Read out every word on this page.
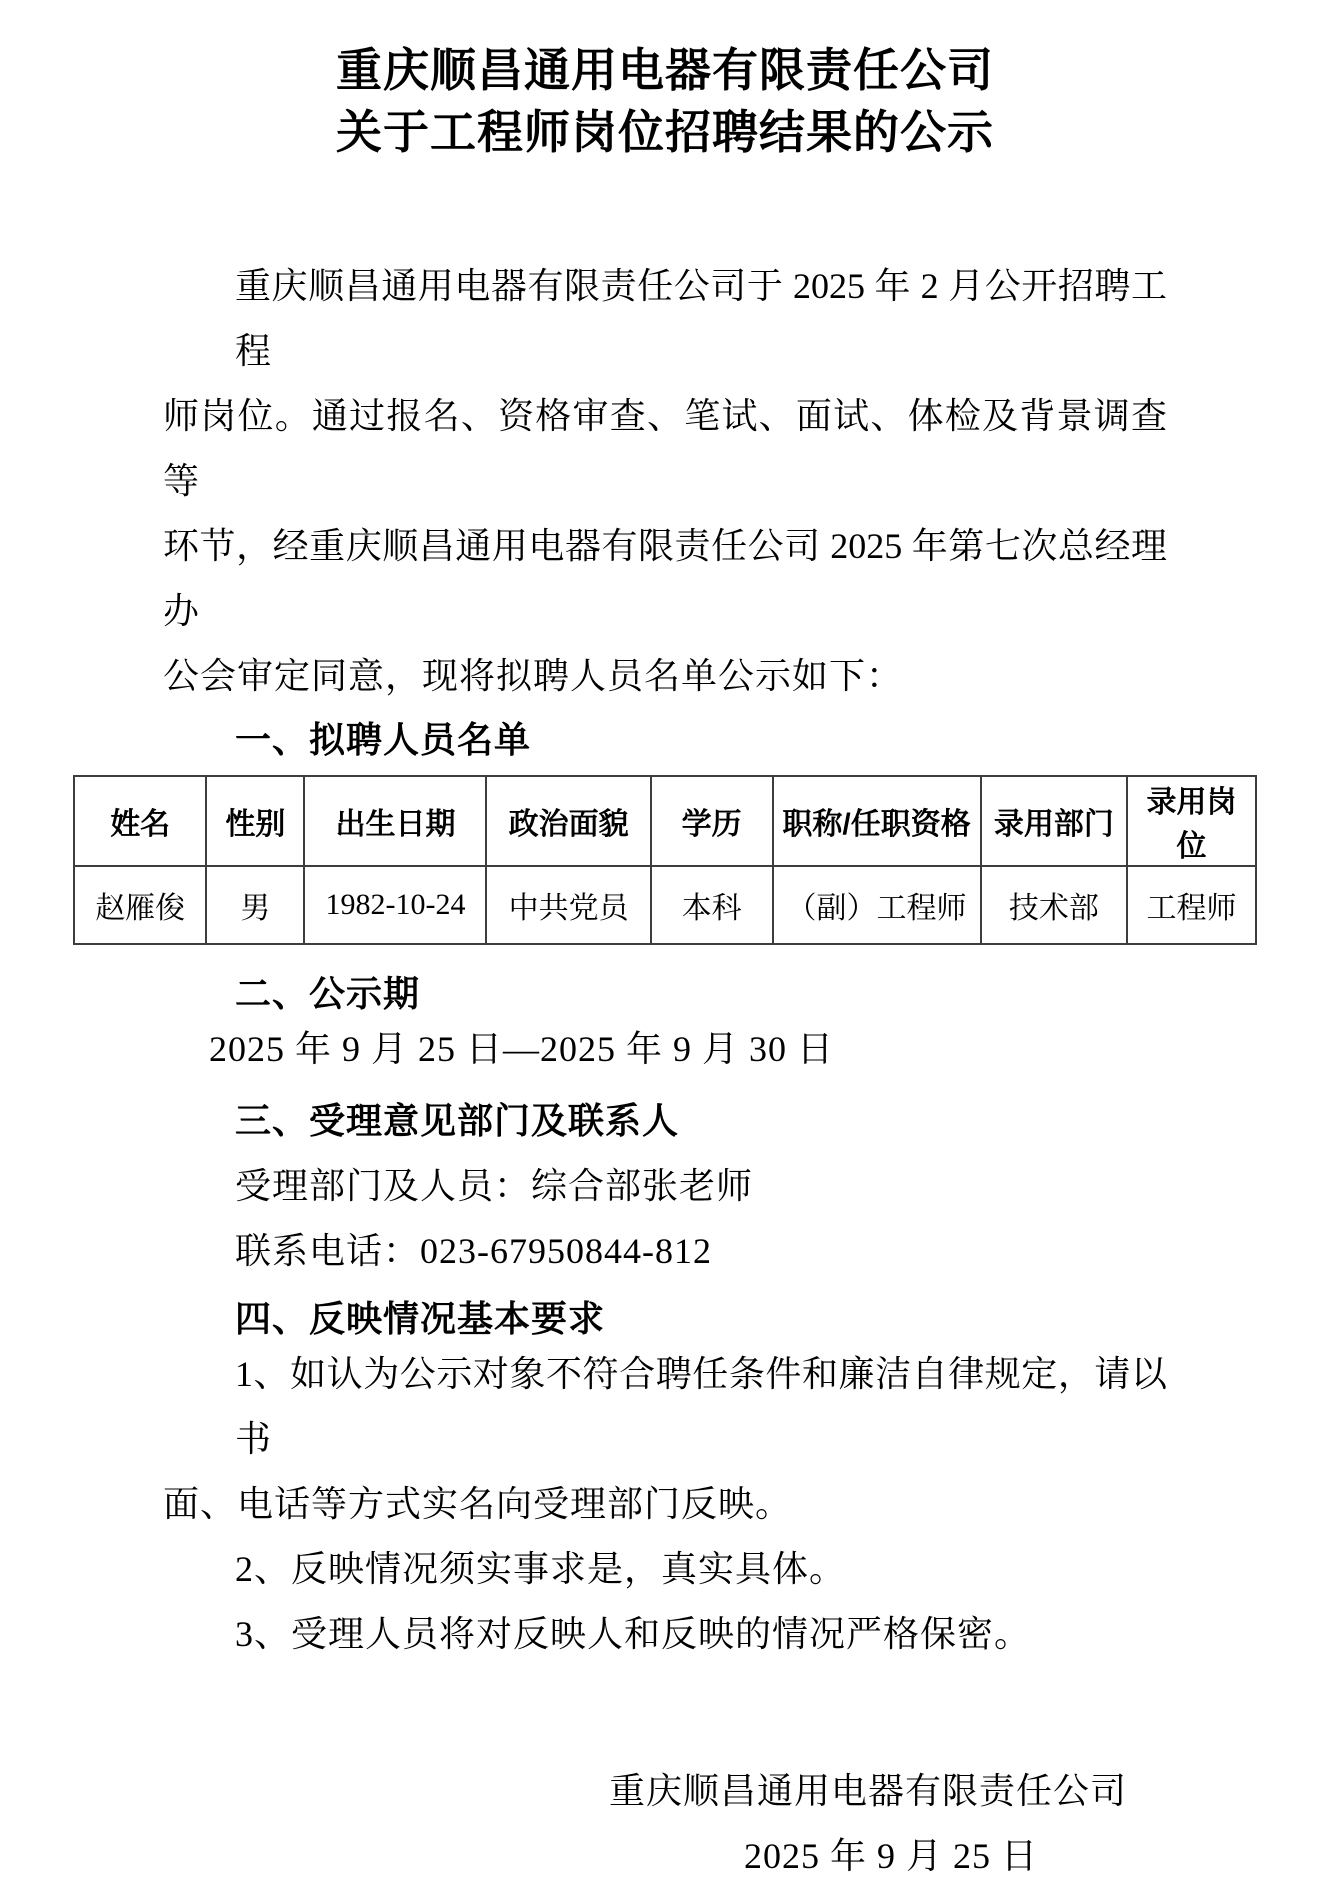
重庆顺昌通用电器有限责任公司
关于工程师岗位招聘结果的公示
重庆顺昌通用电器有限责任公司于 2025 年 2 月公开招聘工程
师岗位。通过报名、资格审查、笔试、面试、体检及背景调查等
环节，经重庆顺昌通用电器有限责任公司 2025 年第七次总经理办
公会审定同意，现将拟聘人员名单公示如下：
一、拟聘人员名单
姓名	性别	出生日期	政治面貌	学历	职称/任职资格	录用部门	录用岗位
赵雁俊	男	1982-10-24	中共党员	本科	（副）工程师	技术部	工程师
二、公示期
2025 年 9 月 25 日—2025 年 9 月 30 日
三、受理意见部门及联系人
受理部门及人员：综合部张老师
联系电话：023-67950844-812
四、反映情况基本要求
1、如认为公示对象不符合聘任条件和廉洁自律规定，请以书
面、电话等方式实名向受理部门反映。
2、反映情况须实事求是，真实具体。
3、受理人员将对反映人和反映的情况严格保密。
重庆顺昌通用电器有限责任公司
2025 年 9 月 25 日
